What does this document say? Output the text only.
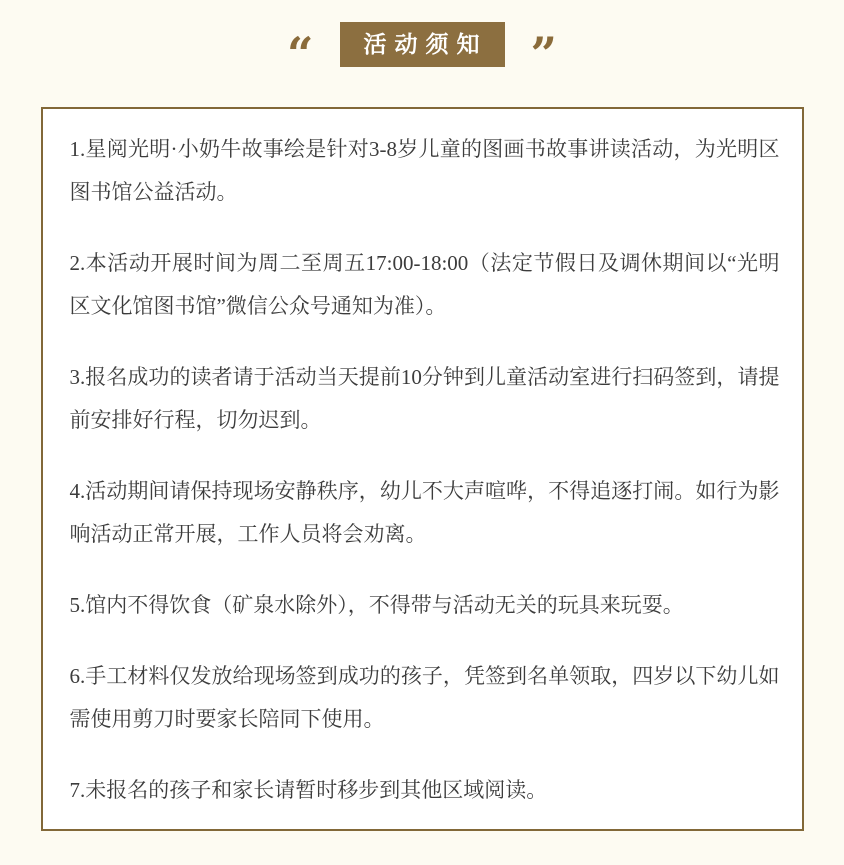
“ 活动须知 ”

1.星阅光明·小奶牛故事绘是针对3-8岁儿童的图画书故事讲读活动，为光明区图书馆公益活动。

2.本活动开展时间为周二至周五17:00-18:00（法定节假日及调休期间以“光明区文化馆图书馆”微信公众号通知为准）。

3.报名成功的读者请于活动当天提前10分钟到儿童活动室进行扫码签到，请提前安排好行程，切勿迟到。

4.活动期间请保持现场安静秩序，幼儿不大声喧哗，不得追逐打闹。如行为影响活动正常开展，工作人员将会劝离。

5.馆内不得饮食（矿泉水除外），不得带与活动无关的玩具来玩耍。

6.手工材料仅发放给现场签到成功的孩子，凭签到名单领取，四岁以下幼儿如需使用剪刀时要家长陪同下使用。

7.未报名的孩子和家长请暂时移步到其他区域阅读。
